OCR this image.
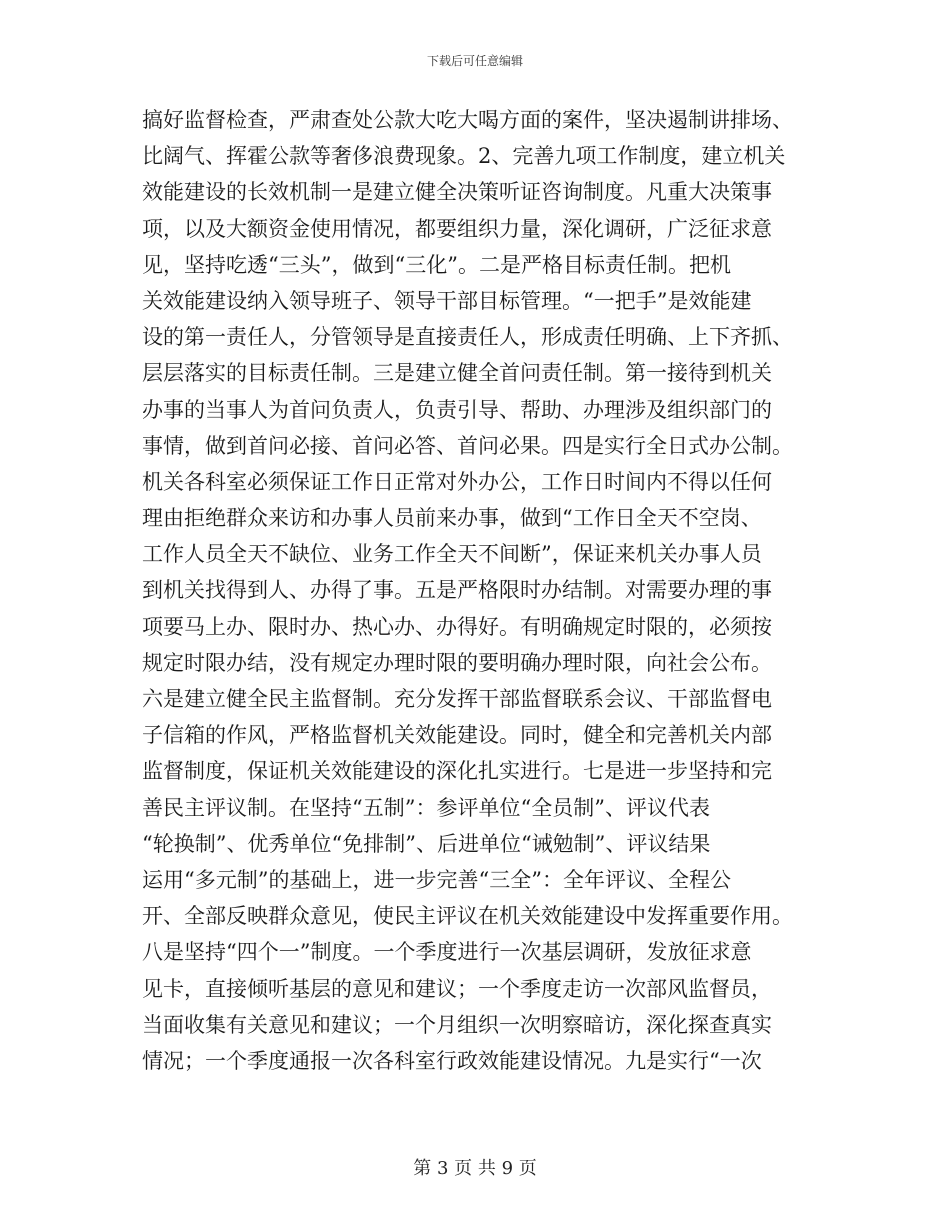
下载后可任意编辑
搞好监督检查，严肃查处公款大吃大喝方面的案件，坚决遏制讲排场、
比阔气、挥霍公款等奢侈浪费现象。2、完善九项工作制度，建立机关
效能建设的长效机制一是建立健全决策听证咨询制度。凡重大决策事
项，以及大额资金使用情况，都要组织力量，深化调研，广泛征求意
见，坚持吃透“三头”，做到“三化”。二是严格目标责任制。把机
关效能建设纳入领导班子、领导干部目标管理。“一把手”是效能建
设的第一责任人，分管领导是直接责任人，形成责任明确、上下齐抓、
层层落实的目标责任制。三是建立健全首问责任制。第一接待到机关
办事的当事人为首问负责人，负责引导、帮助、办理涉及组织部门的
事情，做到首问必接、首问必答、首问必果。四是实行全日式办公制。
机关各科室必须保证工作日正常对外办公，工作日时间内不得以任何
理由拒绝群众来访和办事人员前来办事，做到“工作日全天不空岗、
工作人员全天不缺位、业务工作全天不间断”，保证来机关办事人员
到机关找得到人、办得了事。五是严格限时办结制。对需要办理的事
项要马上办、限时办、热心办、办得好。有明确规定时限的，必须按
规定时限办结，没有规定办理时限的要明确办理时限，向社会公布。
六是建立健全民主监督制。充分发挥干部监督联系会议、干部监督电
子信箱的作风，严格监督机关效能建设。同时，健全和完善机关内部
监督制度，保证机关效能建设的深化扎实进行。七是进一步坚持和完
善民主评议制。在坚持“五制”：参评单位“全员制”、评议代表
“轮换制”、优秀单位“免排制”、后进单位“诫勉制”、评议结果
运用“多元制”的基础上，进一步完善“三全”：全年评议、全程公
开、全部反映群众意见，使民主评议在机关效能建设中发挥重要作用。
八是坚持“四个一”制度。一个季度进行一次基层调研，发放征求意
见卡，直接倾听基层的意见和建议；一个季度走访一次部风监督员，
当面收集有关意见和建议；一个月组织一次明察暗访，深化探查真实
情况；一个季度通报一次各科室行政效能建设情况。九是实行“一次
第 3 页 共 9 页
